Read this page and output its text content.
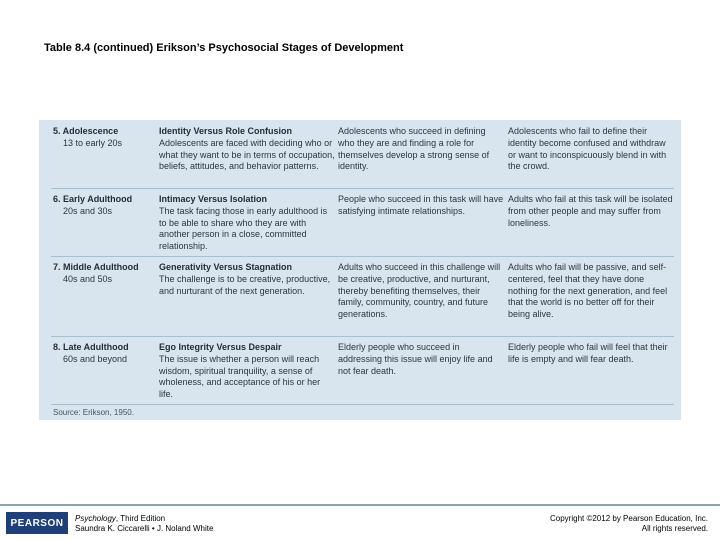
Table 8.4 (continued) Erikson’s Psychosocial Stages of Development
5. Adolescence
13 to early 20s
Identity Versus Role Confusion
Adolescents are faced with deciding who or what they want to be in terms of occupation, beliefs, attitudes, and behavior patterns.
Adolescents who succeed in defining who they are and finding a role for themselves develop a strong sense of identity.
Adolescents who fail to define their identity become confused and withdraw or want to inconspicuously blend in with the crowd.
6. Early Adulthood
20s and 30s
Intimacy Versus Isolation
The task facing those in early adulthood is to be able to share who they are with another person in a close, committed relationship.
People who succeed in this task will have satisfying intimate relationships.
Adults who fail at this task will be isolated from other people and may suffer from loneliness.
7. Middle Adulthood
40s and 50s
Generativity Versus Stagnation
The challenge is to be creative, productive, and nurturant of the next generation.
Adults who succeed in this challenge will be creative, productive, and nurturant, thereby benefiting themselves, their family, community, country, and future generations.
Adults who fail will be passive, and self-centered, feel that they have done nothing for the next generation, and feel that the world is no better off for their being alive.
8. Late Adulthood
60s and beyond
Ego Integrity Versus Despair
The issue is whether a person will reach wisdom, spiritual tranquility, a sense of wholeness, and acceptance of his or her life.
Elderly people who succeed in addressing this issue will enjoy life and not fear death.
Elderly people who fail will feel that their life is empty and will fear death.
Source: Erikson, 1950.
PEARSON Psychology, Third Edition
Saundra K. Ciccarelli • J. Noland White
Copyright ©2012 by Pearson Education, Inc.
All rights reserved.
